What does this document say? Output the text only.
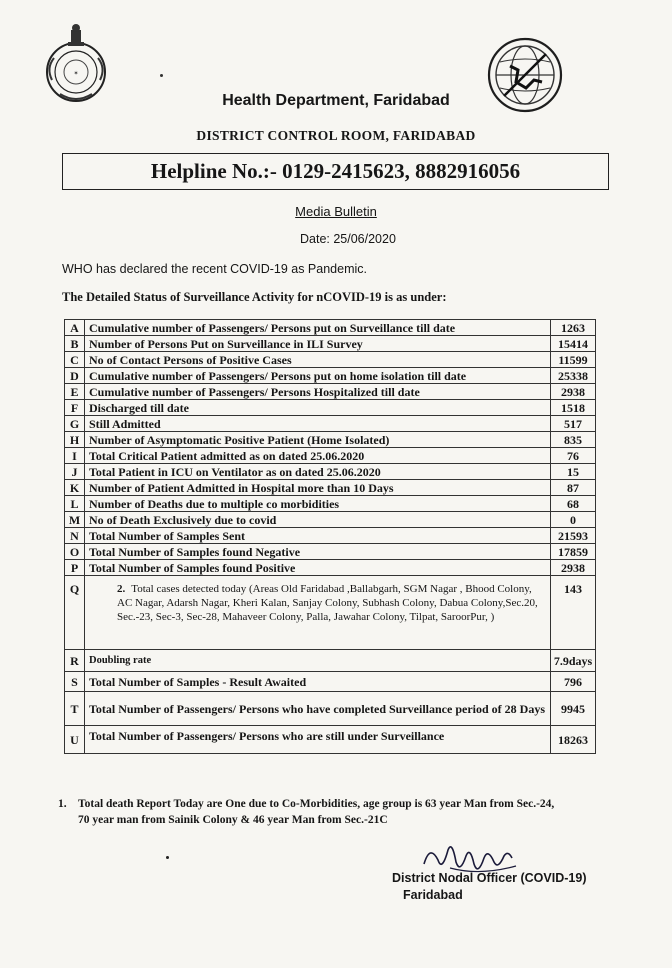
✶
Health Department, Faridabad
DISTRICT CONTROL ROOM, FARIDABAD
Helpline No.:- 0129-2415623, 8882916056
Media Bulletin
Date: 25/06/2020
WHO has declared the recent COVID-19 as Pandemic.
The Detailed Status of Surveillance Activity for nCOVID-19 is as under:
A	Cumulative number of Passengers/ Persons put on Surveillance till date	1263
B	Number of Persons Put on Surveillance in ILI Survey	15414
C	No of Contact Persons of Positive Cases	11599
D	Cumulative number of Passengers/ Persons put on home isolation till date	25338
E	Cumulative number of Passengers/ Persons Hospitalized till date	2938
F	Discharged till date	1518
G	Still Admitted	517
H	Number of Asymptomatic Positive Patient (Home Isolated)	835
I	Total Critical Patient admitted as on dated 25.06.2020	76
J	Total Patient in ICU on Ventilator as on dated 25.06.2020	15
K	Number of Patient Admitted in Hospital more than 10 Days	87
L	Number of Deaths due to multiple co morbidities	68
M	No of Death Exclusively due to covid	0
N	Total Number of Samples Sent	21593
O	Total Number of Samples found Negative	17859
P	Total Number of Samples found Positive	2938
Q	2. Total cases detected today (Areas Old Faridabad ,Ballabgarh, SGM Nagar , Bhood Colony, AC Nagar, Adarsh Nagar, Kheri Kalan, Sanjay Colony, Subhash Colony, Dabua Colony,Sec.20, Sec.-23, Sec-3, Sec-28, Mahaveer Colony, Palla, Jawahar Colony, Tilpat, SaroorPur, )	143
R	Doubling rate	7.9days
S	Total Number of Samples - Result Awaited	796
T	Total Number of Passengers/ Persons who have completed Surveillance period of 28 Days	9945
U	Total Number of Passengers/ Persons who are still under Surveillance	18263
1. Total death Report Today are One due to Co-Morbidities, age group is 63 year Man from Sec.-24,
70 year man from Sainik Colony & 46 year Man from Sec.-21C
District Nodal Officer (COVID-19)
Faridabad
